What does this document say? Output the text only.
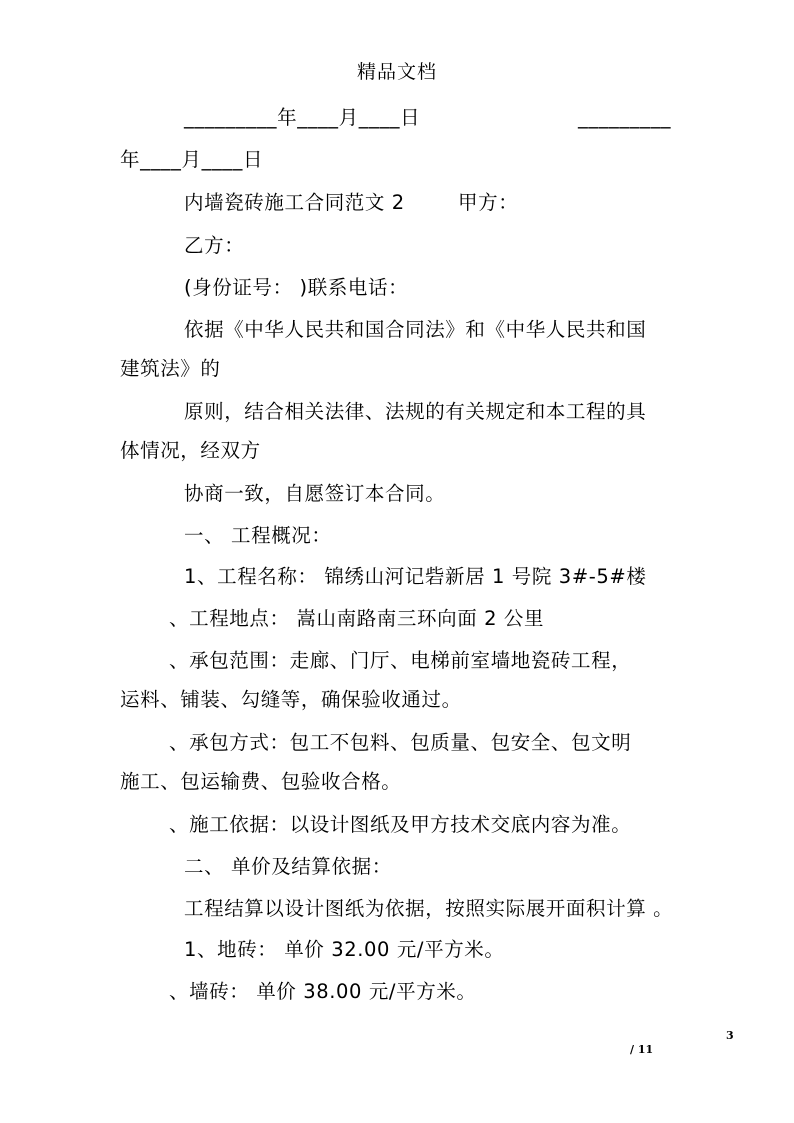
精品文档
_________年____月____日	_________
年____月____日
内墙瓷砖施工合同范文 2	甲方：
乙方：
(身份证号： )联系电话：
依据《中华人民共和国合同法》和《中华人民共和国
建筑法》的
原则，结合相关法律、法规的有关规定和本工程的具
体情况，经双方
协商一致，自愿签订本合同。
一、 工程概况：
1、工程名称： 锦绣山河记砦新居 1 号院 3#-5#楼
、工程地点： 嵩山南路南三环向面 2 公里
、承包范围：走廊、门厅、电梯前室墙地瓷砖工程，
运料、铺装、勾缝等，确保验收通过。
、承包方式：包工不包料、包质量、包安全、包文明
施工、包运输费、包验收合格。
、施工依据：以设计图纸及甲方技术交底内容为准。
二、 单价及结算依据：
工程结算以设计图纸为依据，按照实际展开面积计算 。
1、地砖： 单价 32.00 元/平方米。
、墙砖： 单价 38.00 元/平方米。
3
/ 11
